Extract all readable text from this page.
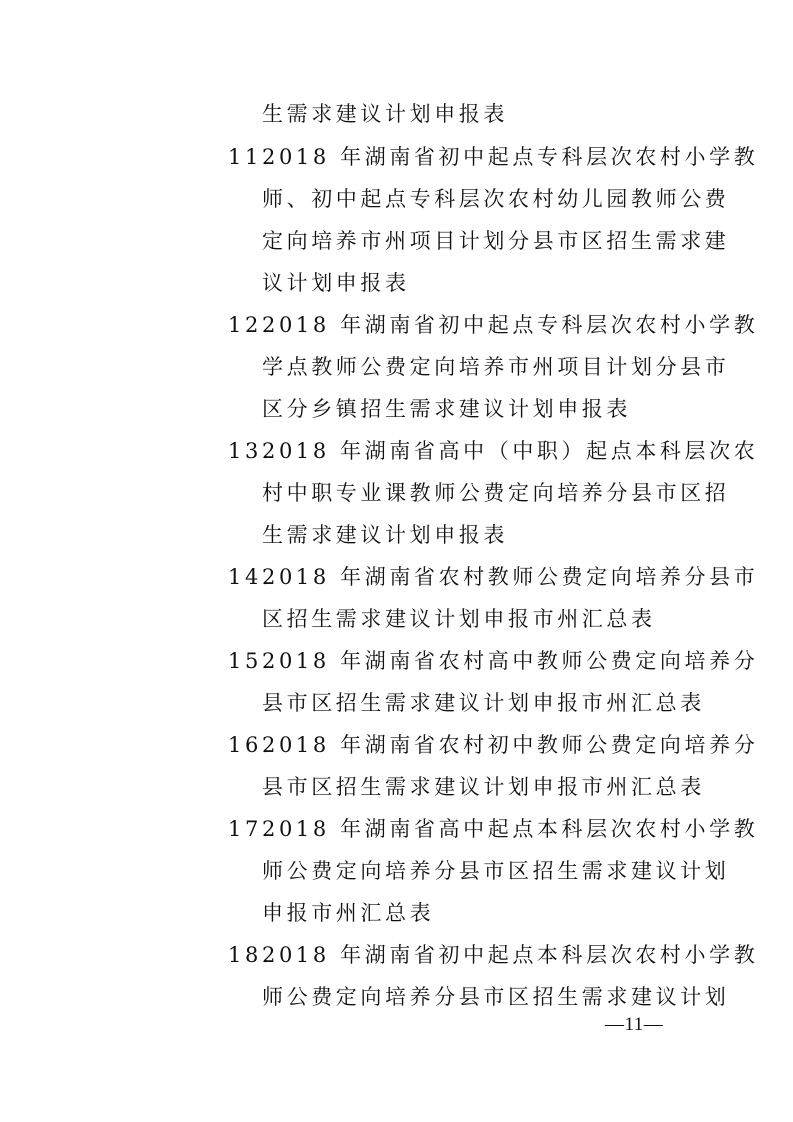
生需求建议计划申报表
11.
2018 年湖南省初中起点专科层次农村小学教
师、初中起点专科层次农村幼儿园教师公费
定向培养市州项目计划分县市区招生需求建
议计划申报表
12.
2018 年湖南省初中起点专科层次农村小学教
学点教师公费定向培养市州项目计划分县市
区分乡镇招生需求建议计划申报表
13.
2018 年湖南省高中（中职）起点本科层次农
村中职专业课教师公费定向培养分县市区招
生需求建议计划申报表
14.
2018 年湖南省农村教师公费定向培养分县市
区招生需求建议计划申报市州汇总表
15.
2018 年湖南省农村高中教师公费定向培养分
县市区招生需求建议计划申报市州汇总表
16.
2018 年湖南省农村初中教师公费定向培养分
县市区招生需求建议计划申报市州汇总表
17.
2018 年湖南省高中起点本科层次农村小学教
师公费定向培养分县市区招生需求建议计划
申报市州汇总表
18.
2018 年湖南省初中起点本科层次农村小学教
师公费定向培养分县市区招生需求建议计划
—11—
